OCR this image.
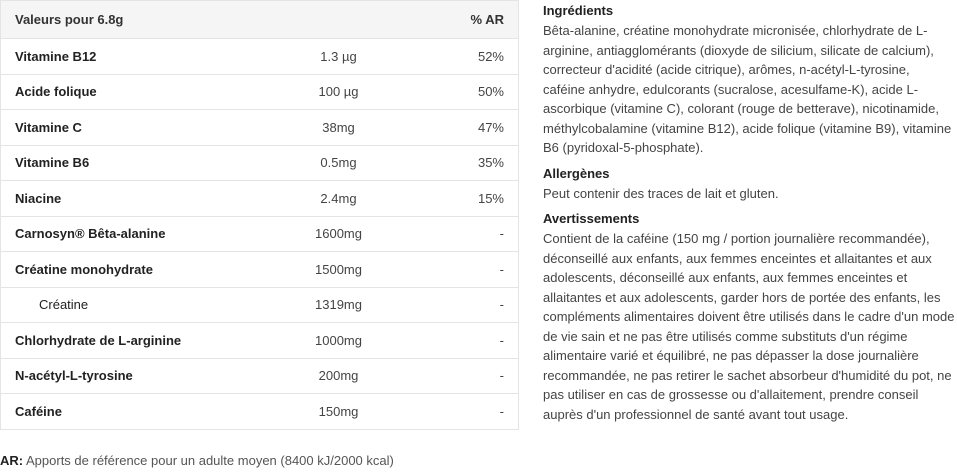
Valeurs pour 6.8g		% AR
Vitamine B12	1.3 µg	52%
Acide folique	100 µg	50%
Vitamine C	38mg	47%
Vitamine B6	0.5mg	35%
Niacine	2.4mg	15%
Carnosyn® Bêta-alanine	1600mg	-
Créatine monohydrate	1500mg	-
Créatine	1319mg	-
Chlorhydrate de L-arginine	1000mg	-
N-acétyl-L-tyrosine	200mg	-
Caféine	150mg	-
AR: Apports de référence pour un adulte moyen (8400 kJ/2000 kcal)
Ingrédients

Bêta-alanine, créatine monohydrate micronisée, chlorhydrate de L-arginine, antiagglomérants (dioxyde de silicium, silicate de calcium), correcteur d'acidité (acide citrique), arômes, n-acétyl-L-tyrosine, caféine anhydre, edulcorants (sucralose, acesulfame-K), acide L-ascorbique (vitamine C), colorant (rouge de betterave), nicotinamide, méthylcobalamine (vitamine B12), acide folique (vitamine B9), vitamine B6 (pyridoxal-5-phosphate).

Allergènes

Peut contenir des traces de lait et gluten.

Avertissements

Contient de la caféine (150 mg / portion journalière recommandée), déconseillé aux enfants, aux femmes enceintes et allaitantes et aux adolescents, déconseillé aux enfants, aux femmes enceintes et allaitantes et aux adolescents, garder hors de portée des enfants, les compléments alimentaires doivent être utilisés dans le cadre d'un mode de vie sain et ne pas être utilisés comme substituts d'un régime alimentaire varié et équilibré, ne pas dépasser la dose journalière recommandée, ne pas retirer le sachet absorbeur d'humidité du pot, ne pas utiliser en cas de grossesse ou d'allaitement, prendre conseil auprès d'un professionnel de santé avant tout usage.
